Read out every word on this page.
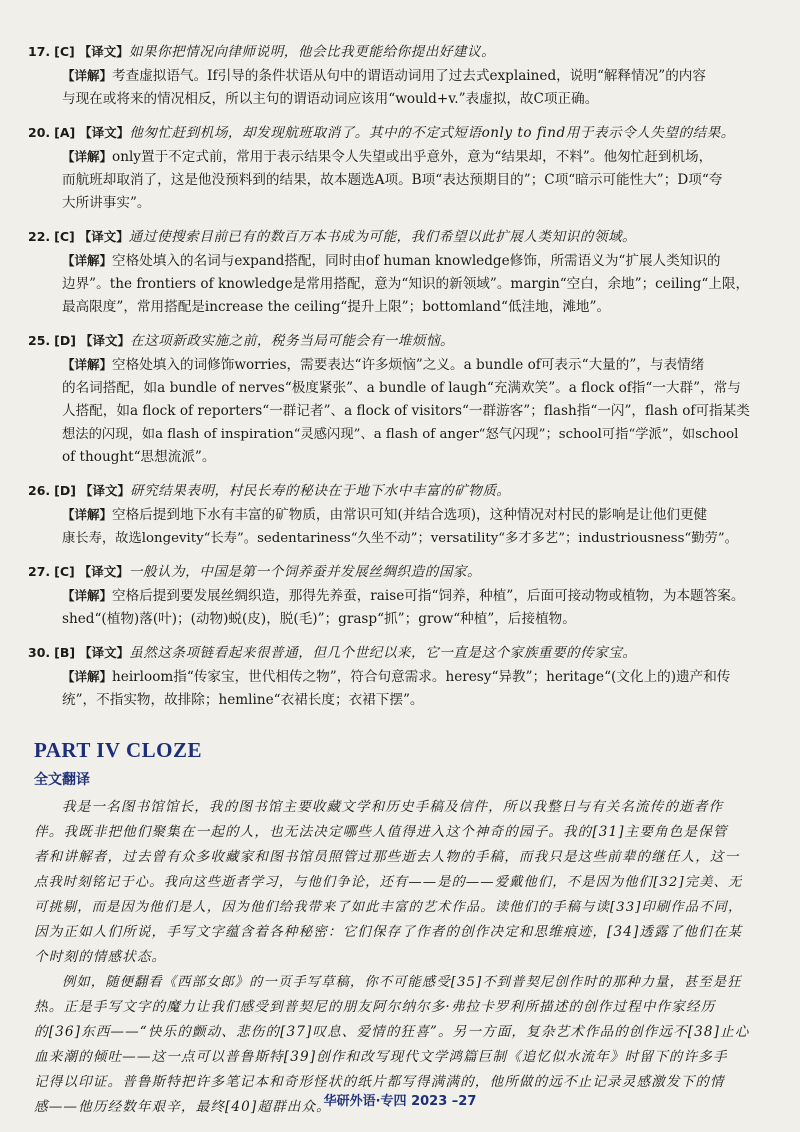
17. [C] 【译文】如果你把情况向律师说明，他会比我更能给你提出好建议。
【详解】考查虚拟语气。If引导的条件状语从句中的谓语动词用了过去式explained，说明“解释情况”的内容
与现在或将来的情况相反，所以主句的谓语动词应该用“would+v.”表虚拟，故C项正确。
20. [A] 【译文】他匆忙赶到机场，却发现航班取消了。其中的不定式短语only to find用于表示令人失望的结果。
【详解】only置于不定式前，常用于表示结果令人失望或出乎意外，意为“结果却，不料”。他匆忙赶到机场，
而航班却取消了，这是他没预料到的结果，故本题选A项。B项“表达预期目的”；C项“暗示可能性大”；D项“夸
大所讲事实”。
22. [C] 【译文】通过使搜索目前已有的数百万本书成为可能，我们希望以此扩展人类知识的领域。
【详解】空格处填入的名词与expand搭配，同时由of human knowledge修饰，所需语义为“扩展人类知识的
边界”。the frontiers of knowledge是常用搭配，意为“知识的新领域”。margin“空白，余地”；ceiling“上限，
最高限度”，常用搭配是increase the ceiling“提升上限”；bottomland“低洼地，滩地”。
25. [D] 【译文】在这项新政实施之前，税务当局可能会有一堆烦恼。
【详解】空格处填入的词修饰worries，需要表达“许多烦恼”之义。a bundle of可表示“大量的”，与表情绪
的名词搭配，如a bundle of nerves“极度紧张”、a bundle of laugh“充满欢笑”。a flock of指“一大群”，常与
人搭配，如a flock of reporters“一群记者”、a flock of visitors“一群游客”；flash指“一闪”，flash of可指某类
想法的闪现，如a flash of inspiration“灵感闪现”、a flash of anger“怒气闪现”；school可指“学派”，如school
of thought“思想流派”。
26. [D] 【译文】研究结果表明，村民长寿的秘诀在于地下水中丰富的矿物质。
【详解】空格后提到地下水有丰富的矿物质，由常识可知(并结合选项)，这种情况对村民的影响是让他们更健
康长寿，故选longevity“长寿”。sedentariness“久坐不动”；versatility“多才多艺”；industriousness“勤劳”。
27. [C] 【译文】一般认为，中国是第一个饲养蚕并发展丝绸织造的国家。
【详解】空格后提到要发展丝绸织造，那得先养蚕，raise可指“饲养，种植”，后面可接动物或植物，为本题答案。
shed“(植物)落(叶)；(动物)蜕(皮)，脱(毛)”；grasp“抓”；grow“种植”，后接植物。
30. [B] 【译文】虽然这条项链看起来很普通，但几个世纪以来，它一直是这个家族重要的传家宝。
【详解】heirloom指“传家宝，世代相传之物”，符合句意需求。heresy“异教”；heritage“(文化上的)遗产和传
统”，不指实物，故排除；hemline“衣裙长度；衣裙下摆”。
PART IV CLOZE
全文翻译
我是一名图书馆馆长，我的图书馆主要收藏文学和历史手稿及信件，所以我整日与有关名流传的逝者作
伴。我既非把他们聚集在一起的人，也无法决定哪些人值得进入这个神奇的园子。我的[31]主要角色是保管
者和讲解者，过去曾有众多收藏家和图书馆员照管过那些逝去人物的手稿，而我只是这些前辈的继任人，这一
点我时刻铭记于心。我向这些逝者学习，与他们争论，还有——是的——爱戴他们，不是因为他们[32]完美、无
可挑剔，而是因为他们是人，因为他们给我带来了如此丰富的艺术作品。读他们的手稿与读[33]印刷作品不同，
因为正如人们所说，手写文字蕴含着各种秘密：它们保存了作者的创作决定和思维痕迹，[34]透露了他们在某
个时刻的情感状态。
例如，随便翻看《西部女郎》的一页手写草稿，你不可能感受[35]不到普契尼创作时的那种力量，甚至是狂
热。正是手写文字的魔力让我们感受到普契尼的朋友阿尔纳尔多·弗拉卡罗利所描述的创作过程中作家经历
的[36]东西——“快乐的颤动、悲伤的[37]叹息、爱情的狂喜”。另一方面，复杂艺术作品的创作远不[38]止心
血来潮的倾吐——这一点可以普鲁斯特[39]创作和改写现代文学鸿篇巨制《追忆似水流年》时留下的许多手
记得以印证。普鲁斯特把许多笔记本和奇形怪状的纸片都写得满满的，他所做的远不止记录灵感激发下的情
感——他历经数年艰辛，最终[40]超群出众。
华研外语·专四 2023 –27
